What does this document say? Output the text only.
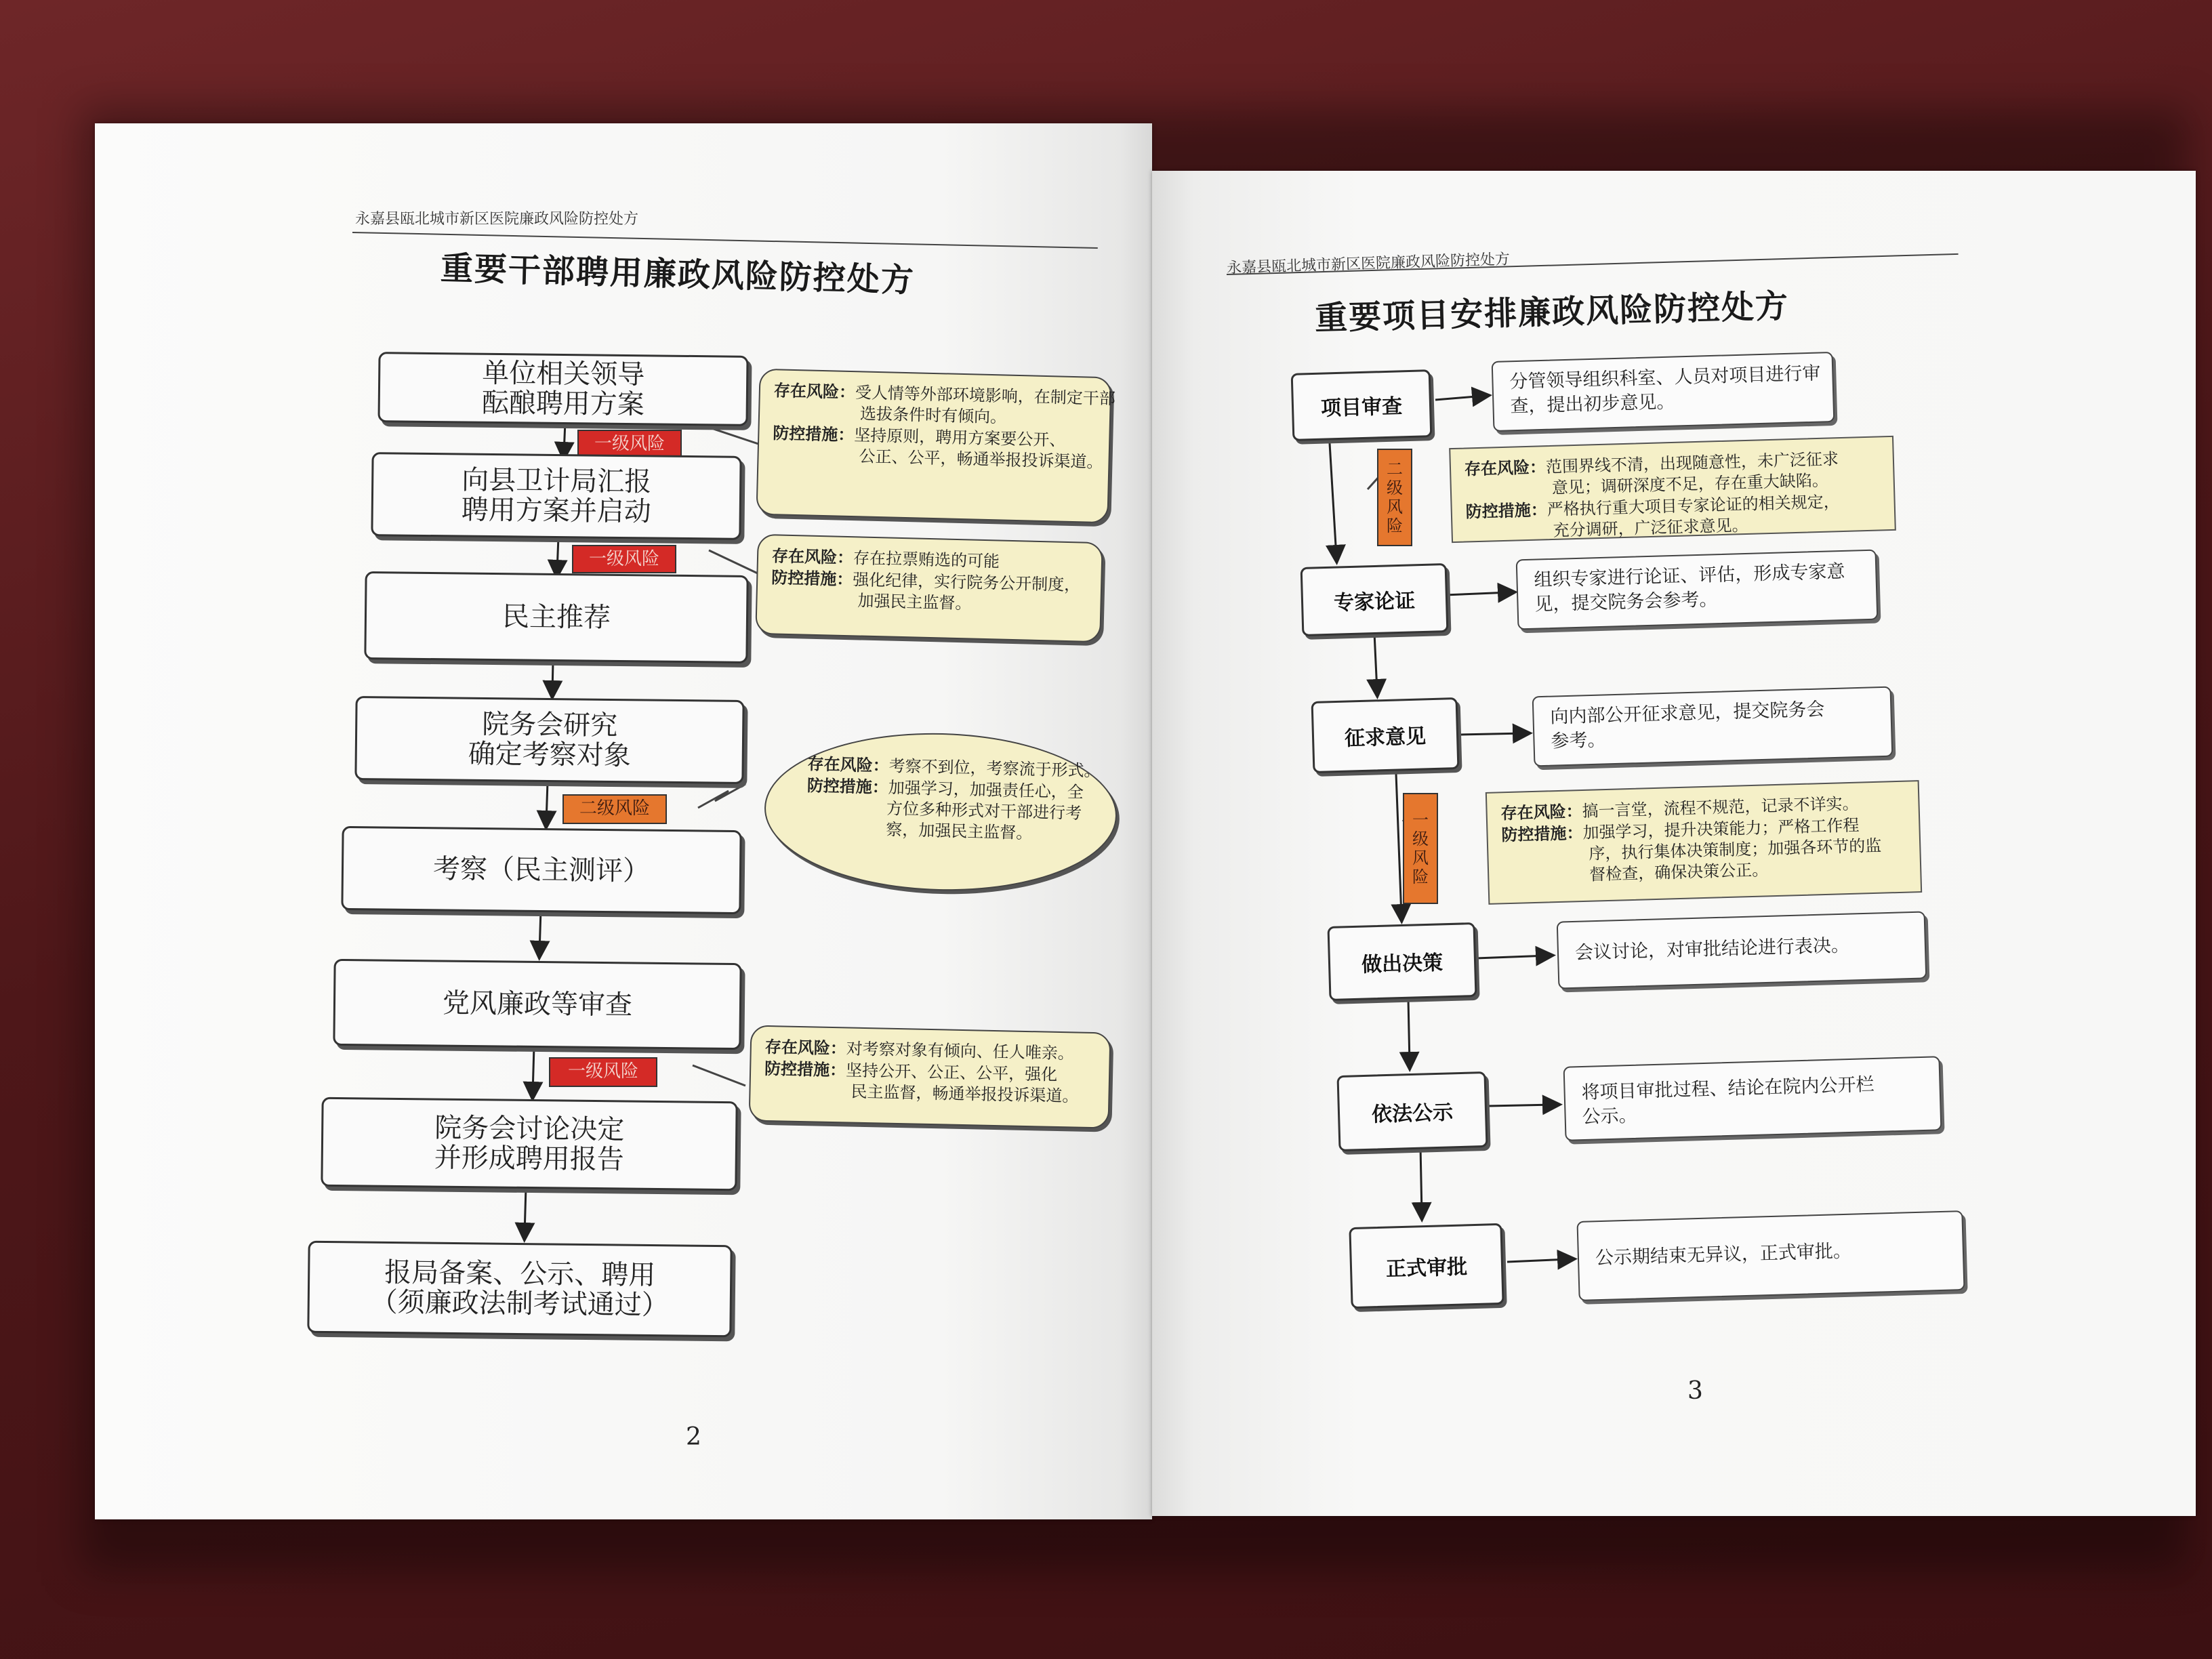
永嘉县瓯北城市新区医院廉政风险防控处方
重要干部聘用廉政风险防控处方
单位相关领导
酝酿聘用方案
一级风险
向县卫计局汇报
聘用方案并启动
一级风险
民主推荐
院务会研究
确定考察对象
二级风险
考察（民主测评）
党风廉政等审查
一级风险
院务会讨论决定
并形成聘用报告
报局备案、公示、聘用
（须廉政法制考试通过）
存在风险：受人情等外部环境影响，在制定干部
选拔条件时有倾向。
防控措施：坚持原则，聘用方案要公开、
公正、公平，畅通举报投诉渠道。
存在风险：存在拉票贿选的可能
防控措施：强化纪律，实行院务公开制度，
加强民主监督。
存在风险：考察不到位，考察流于形式。
防控措施：加强学习，加强责任心，全
方位多种形式对干部进行考
察，加强民主监督。
存在风险：对考察对象有倾向、任人唯亲。
防控措施：坚持公开、公正、公平，强化
民主监督，畅通举报投诉渠道。
2
永嘉县瓯北城市新区医院廉政风险防控处方
重要项目安排廉政风险防控处方
项目审查
分管领导组织科室、人员对项目进行审
查，提出初步意见。
二
级
风
险
存在风险：范围界线不清，出现随意性，未广泛征求
意见；调研深度不足，存在重大缺陷。
防控措施：严格执行重大项目专家论证的相关规定，
充分调研，广泛征求意见。
专家论证
组织专家进行论证、评估，形成专家意
见，提交院务会参考。
征求意见
向内部公开征求意见，提交院务会
参考。
一
级
风
险
存在风险：搞一言堂，流程不规范，记录不详实。
防控措施：加强学习，提升决策能力；严格工作程
序，执行集体决策制度；加强各环节的监
督检查，确保决策公正。
做出决策
会议讨论，对审批结论进行表决。
依法公示
将项目审批过程、结论在院内公开栏
公示。
正式审批	公示期结束无异议，正式审批。
3
